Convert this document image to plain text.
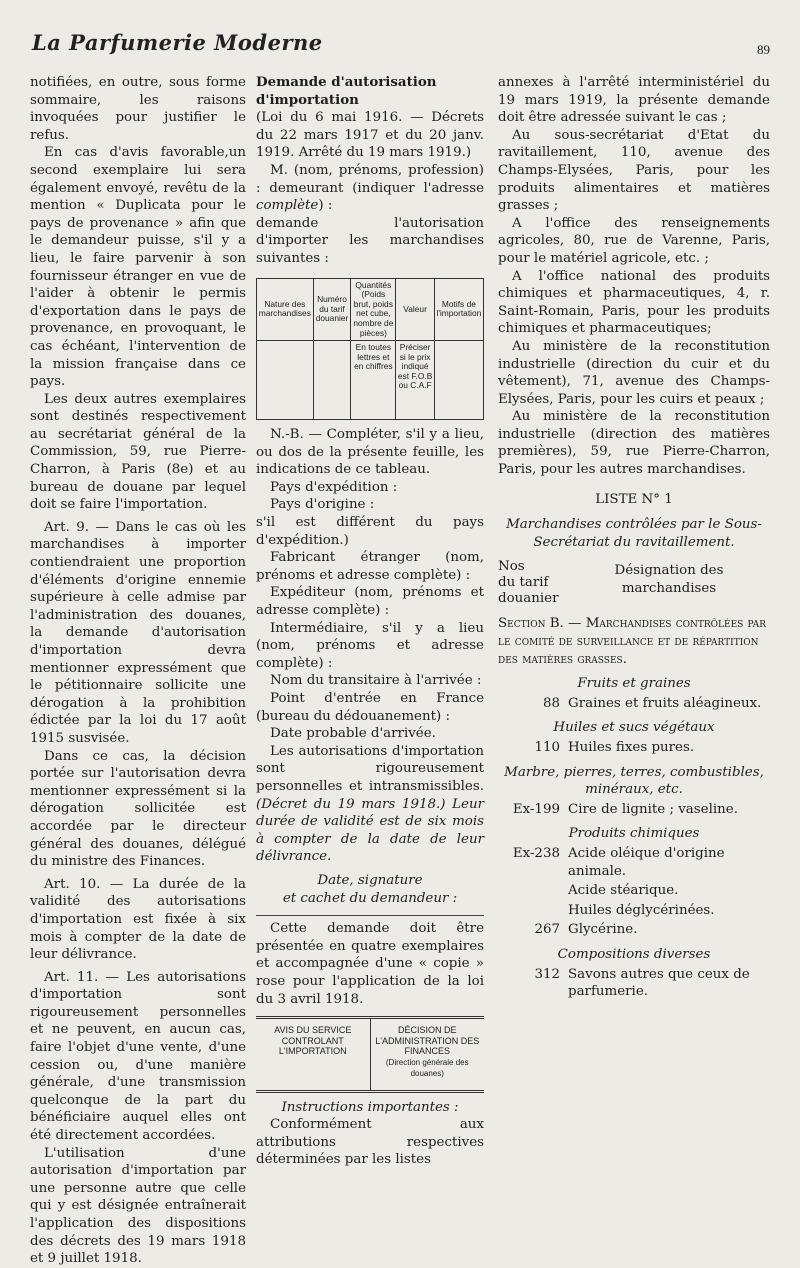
La Parfumerie Moderne	89

notifiées, en outre, sous forme sommaire, les raisons invoquées pour justifier le refus.

En cas d'avis favorable,un second exemplaire lui sera également envoyé, revêtu de la mention « Duplicata pour le pays de provenance » afin que le demandeur puisse, s'il y a lieu, le faire parvenir à son fournisseur étranger en vue de l'aider à obtenir le permis d'exportation dans le pays de provenance, en provoquant, le cas échéant, l'intervention de la mission française dans ce pays.

Les deux autres exemplaires sont destinés respectivement au secrétariat général de la Commission, 59, rue Pierre-Charron, à Paris (8e) et au bureau de douane par lequel doit se faire l'importation.

Art. 9. — Dans le cas où les marchandises à importer contiendraient une proportion d'éléments d'origine ennemie supérieure à celle admise par l'administration des douanes, la demande d'autorisation d'importation devra mentionner expressément que le pétitionnaire sollicite une dérogation à la prohibition édictée par la loi du 17 août 1915 susvisée.

Dans ce cas, la décision portée sur l'autorisation devra mentionner expressément si la dérogation sollicitée est accordée par le directeur général des douanes, délégué du ministre des Finances.

Art. 10. — La durée de la validité des autorisations d'importation est fixée à six mois à compter de la date de leur délivrance.

Art. 11. — Les autorisations d'importation sont rigoureusement personnelles et ne peuvent, en aucun cas, faire l'objet d'une vente, d'une cession ou, d'une manière générale, d'une transmission quelconque de la part du bénéficiaire auquel elles ont été directement accordées.

L'utilisation d'une autorisation d'importation par une personne autre que celle qui y est désignée entraînerait l'application des dispositions des décrets des 19 mars 1918 et 9 juillet 1918.

Demande d'autorisation d'importation

(Loi du 6 mai 1916. — Décrets du 22 mars 1917 et du 20 janv. 1919. Arrêté du 19 mars 1919.)

M. (nom, prénoms, profession) : demeurant (indiquer l'adresse complète) :

demande l'autorisation d'importer les marchandises suivantes :

Nature des marchandises	Numéro du tarif douanier	Quantités (Poids brut, poids net cube, nombre de pièces)	Valeur	Motifs de l'importation
		En toutes lettres et en chiffres	Préciser si le prix indiqué est F.O.B ou C.A.F	

N.-B. — Compléter, s'il y a lieu, ou dos de la présente feuille, les indications de ce tableau.

Pays d'expédition :

Pays d'origine :

s'il est différent du pays d'expédition.)

Fabricant étranger (nom, prénoms et adresse complète) :

Expéditeur (nom, prénoms et adresse complète) :

Intermédiaire, s'il y a lieu (nom, prénoms et adresse complète) :

Nom du transitaire à l'arrivée :

Point d'entrée en France (bureau du dédouanement) :

Date probable d'arrivée.

Les autorisations d'importation sont rigoureusement personnelles et intransmissibles. (Décret du 19 mars 1918.) Leur durée de validité est de six mois à compter de la date de leur délivrance.

Date, signature

et cachet du demandeur :

Cette demande doit être présentée en quatre exemplaires et accompagnée d'une « copie » rose pour l'application de la loi du 3 avril 1918.

AVIS DU SERVICE CONTROLANT L'IMPORTATION	DÉCISION DE L'ADMINISTRATION DES FINANCES
(Direction générale des douanes)

Instructions importantes :

Conformément aux attributions respectives déterminées par les listes

annexes à l'arrêté interministériel du 19 mars 1919, la présente demande doit être adressée suivant le cas ;

Au sous-secrétariat d'Etat du ravitaillement, 110, avenue des Champs-Elysées, Paris, pour les produits alimentaires et matières grasses ;

A l'office des renseignements agricoles, 80, rue de Varenne, Paris, pour le matériel agricole, etc. ;

A l'office national des produits chimiques et pharmaceutiques, 4, r. Saint-Romain, Paris, pour les produits chimiques et pharmaceutiques;

Au ministère de la reconstitution industrielle (direction du cuir et du vêtement), 71, avenue des Champs-Elysées, Paris, pour les cuirs et peaux ;

Au ministère de la reconstitution industrielle (direction des matières premières), 59, rue Pierre-Charron, Paris, pour les autres marchandises.

LISTE N° 1

Marchandises contrôlées par le Sous-Secrétariat du ravitaillement.

Nos
du tarif
douanier
Désignation des marchandises

Section B. — Marchandises contrôlées par le comité de surveillance et de répartition des matières grasses.

Fruits et graines

88 Graines et fruits aléagineux.

Huiles et sucs végétaux

110 Huiles fixes pures.

Marbre, pierres, terres, combustibles, minéraux, etc.

Ex-199 Cire de lignite ; vaseline.

Produits chimiques

Ex-238 Acide oléique d'origine animale.
Acide stéarique.
Huiles déglycérinées.
267 Glycérine.

Compositions diverses

312 Savons autres que ceux de parfumerie.
